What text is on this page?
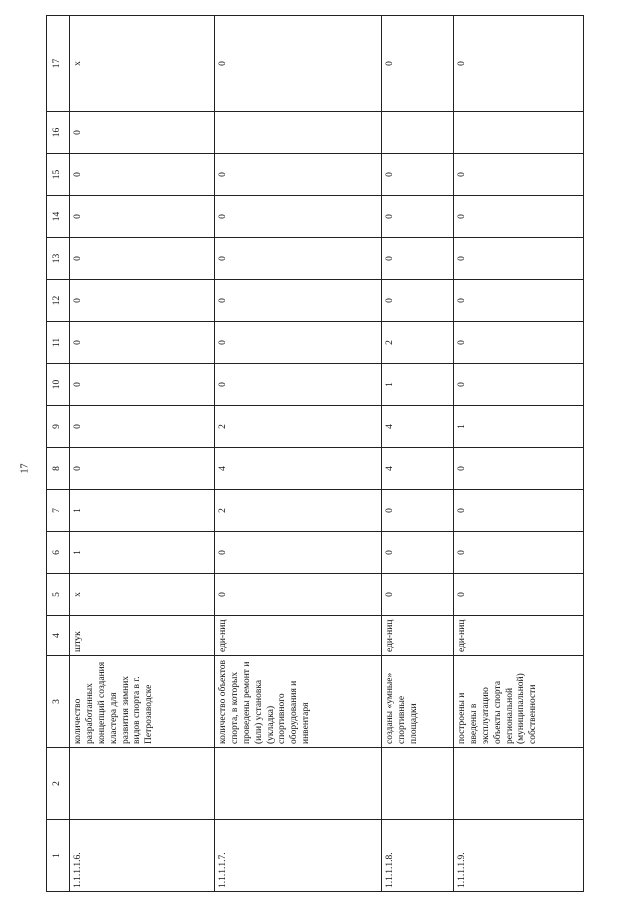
17
1	2	3	4	5	6	7	8	9	10	11	12	13	14	15	16	17
1.1.1.1.6.		количество разработанных концепций создания кластера для развития зимних видов спорта в г. Петрозаводске	штук	х	1	1	0	0	0	0	0	0	0	0	0	х
1.1.1.1.7.		количество объектов спорта, в которых проведены ремонт и (или) установка (укладка) спортивного оборудования и инвентаря	еди-ниц	0	0	2	4	2	0	0	0	0	0	0		0
1.1.1.1.8.		созданы «умные» спортивные площадки	еди-ниц	0	0	0	4	4	1	2	0	0	0	0		0
1.1.1.1.9.		построены и введены в эксплуатацию объекты спорта региональной (муниципальной) собственности	еди-ниц	0	0	0	0	1	0	0	0	0	0	0		0
